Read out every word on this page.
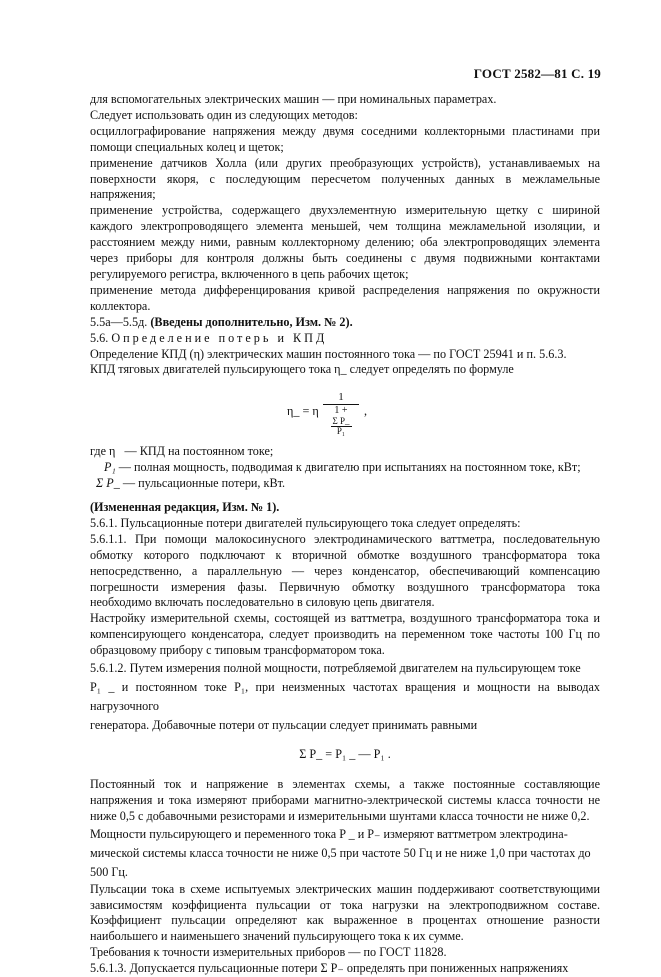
ГОСТ 2582—81 С. 19

для вспомогательных электрических машин — при номинальных параметрах.

Следует использовать один из следующих методов:

осциллографирование напряжения между двумя соседними коллекторными пластинами при помощи специальных колец и щеток;

применение датчиков Холла (или других преобразующих устройств), устанавливаемых на поверхности якоря, с последующим пересчетом полученных данных в межламельные напряжения;

применение устройства, содержащего двухэлементную измерительную щетку с шириной каждого электропроводящего элемента меньшей, чем толщина межламельной изоляции, и расстоянием между ними, равным коллекторному делению; оба электропроводящих элемента через приборы для контроля должны быть соединены с двумя подвижными контактами регулируемого регистра, включенного в цепь рабочих щеток;

применение метода дифференцирования кривой распределения напряжения по окружности коллектора.

5.5а—5.5д. (Введены дополнительно, Изм. № 2).

5.6. Определение потерь и КПД

Определение КПД (η) электрических машин постоянного тока — по ГОСТ 25941 и п. 5.6.3.

КПД тяговых двигателей пульсирующего тока η_ следует определять по формуле

η_ = η 1
1 +
$\frac{\text{Σ P\_}}{\text{P₁}}$ ,
где η — КПД на постоянном токе;
P₁ — полная мощность, подводимая к двигателю при испытаниях на постоянном токе, кВт;
Σ P_ — пульсационные потери, кВт.

(Измененная редакция, Изм. № 1).

5.6.1. Пульсационные потери двигателей пульсирующего тока следует определять:

5.6.1.1. При помощи малокосинусного электродинамического ваттметра, последовательную обмотку которого подключают к вторичной обмотке воздушного трансформатора тока непосредственно, а параллельную — через конденсатор, обеспечивающий компенсацию погрешности измерения фазы. Первичную обмотку воздушного трансформатора тока необходимо включать последовательно в силовую цепь двигателя.

Настройку измерительной схемы, состоящей из ваттметра, воздушного трансформатора тока и компенсирующего конденсатора, следует производить на переменном токе частоты 100 Гц по образцовому прибору с типовым трансформатором тока.

5.6.1.2. Путем измерения полной мощности, потребляемой двигателем на пульсирующем токе
P₁ _ и постоянном токе P₁, при неизменных частотах вращения и мощности на выводах нагрузочного
генератора. Добавочные потери от пульсации следует принимать равными

Σ P_ = P₁ _ — P₁ .

Постоянный ток и напряжение в элементах схемы, а также постоянные составляющие напряжения и тока измеряют приборами магнитно-электрической системы класса точности не ниже 0,5 с добавочными резисторами и измерительными шунтами класса точности не ниже 0,2.

Мощности пульсирующего и переменного тока P _ и P₋ измеряют ваттметром электродина-
мической системы класса точности не ниже 0,5 при частоте 50 Гц и не ниже 1,0 при частотах до
500 Гц.

Пульсации тока в схеме испытуемых электрических машин поддерживают соответствующими зависимостям коэффициента пульсации от тока нагрузки на электроподвижном составе. Коэффициент пульсации определяют как выраженное в процентах отношение разности наибольшего и наименьшего значений пульсирующего тока к их сумме.

Требования к точности измерительных приборов — по ГОСТ 11828.

5.6.1.3. Допускается пульсационные потери Σ P₋ определять при пониженных напряжениях
